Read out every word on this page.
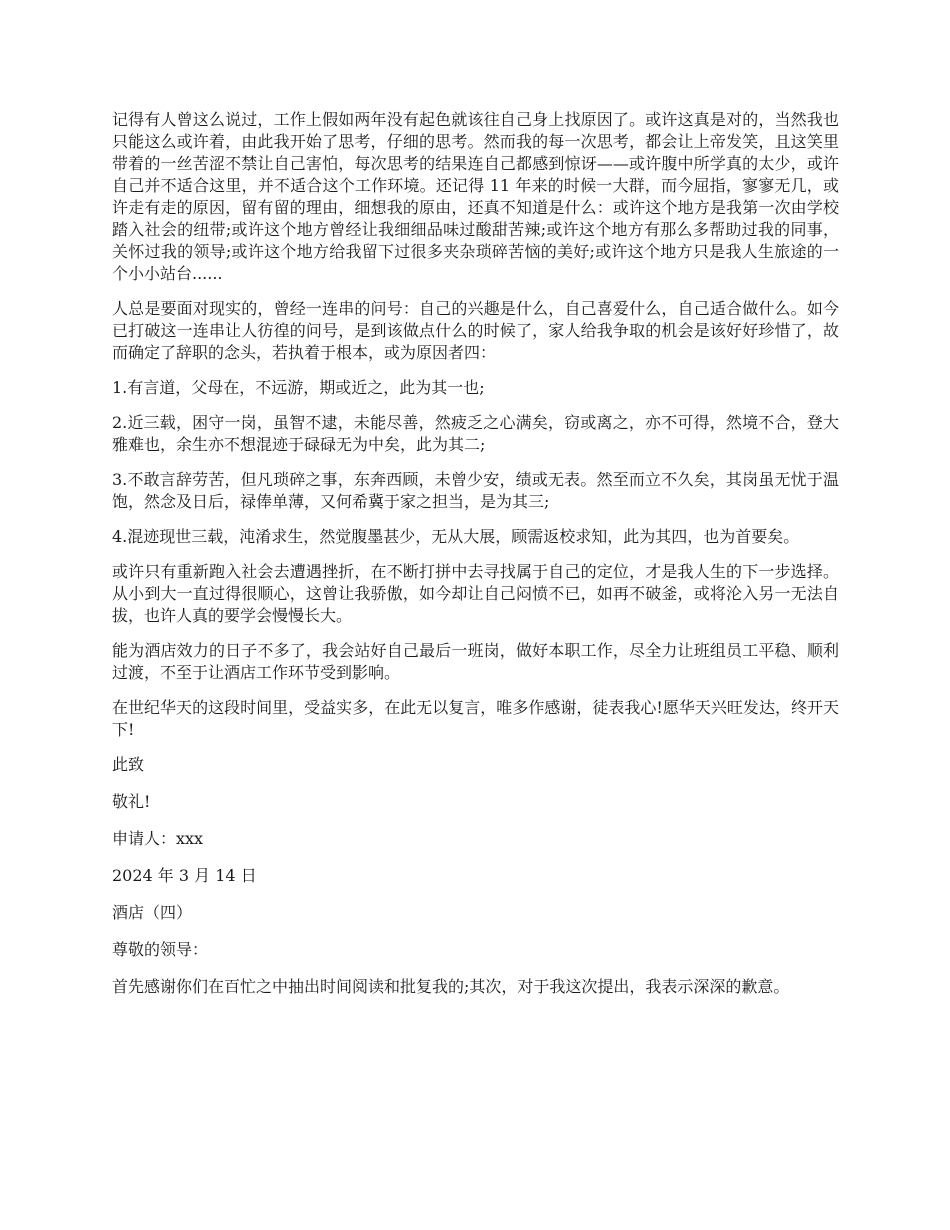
记得有人曾这么说过，工作上假如两年没有起色就该往自己身上找原因了。或许这真是对的，当然我也只能这么或许着，由此我开始了思考，仔细的思考。然而我的每一次思考，都会让上帝发笑，且这笑里带着的一丝苦涩不禁让自己害怕，每次思考的结果连自己都感到惊讶——或许腹中所学真的太少，或许自己并不适合这里，并不适合这个工作环境。还记得 11 年来的时候一大群，而今屈指，寥寥无几，或许走有走的原因，留有留的理由，细想我的原由，还真不知道是什么：或许这个地方是我第一次由学校踏入社会的纽带;或许这个地方曾经让我细细品味过酸甜苦辣;或许这个地方有那么多帮助过我的同事，关怀过我的领导;或许这个地方给我留下过很多夹杂琐碎苦恼的美好;或许这个地方只是我人生旅途的一个小小站台......

人总是要面对现实的，曾经一连串的问号：自己的兴趣是什么，自己喜爱什么，自己适合做什么。如今已打破这一连串让人彷徨的问号，是到该做点什么的时候了，家人给我争取的机会是该好好珍惜了，故而确定了辞职的念头，若执着于根本，或为原因者四：

1.有言道，父母在，不远游，期或近之，此为其一也;

2.近三载，困守一岗，虽智不逮，未能尽善，然疲乏之心满矣，窃或离之，亦不可得，然境不合，登大雅难也，余生亦不想混迹于碌碌无为中矣，此为其二;

3.不敢言辞劳苦，但凡琐碎之事，东奔西顾，未曾少安，绩或无表。然至而立不久矣，其岗虽无忧于温饱，然念及日后，禄俸单薄，又何希冀于家之担当，是为其三;

4.混迹现世三载，沌淆求生，然觉腹墨甚少，无从大展，顾需返校求知，此为其四，也为首要矣。

或许只有重新跑入社会去遭遇挫折，在不断打拼中去寻找属于自己的定位，才是我人生的下一步选择。从小到大一直过得很顺心，这曾让我骄傲，如今却让自己闷愤不已，如再不破釜，或将沦入另一无法自拔，也许人真的要学会慢慢长大。

能为酒店效力的日子不多了，我会站好自己最后一班岗，做好本职工作，尽全力让班组员工平稳、顺利过渡，不至于让酒店工作环节受到影响。

在世纪华天的这段时间里，受益实多，在此无以复言，唯多作感谢，徒表我心!愿华天兴旺发达，终开天下!

此致

敬礼!

申请人：xxx

2024 年 3 月 14 日

酒店（四）

尊敬的领导：

首先感谢你们在百忙之中抽出时间阅读和批复我的;其次，对于我这次提出，我表示深深的歉意。
